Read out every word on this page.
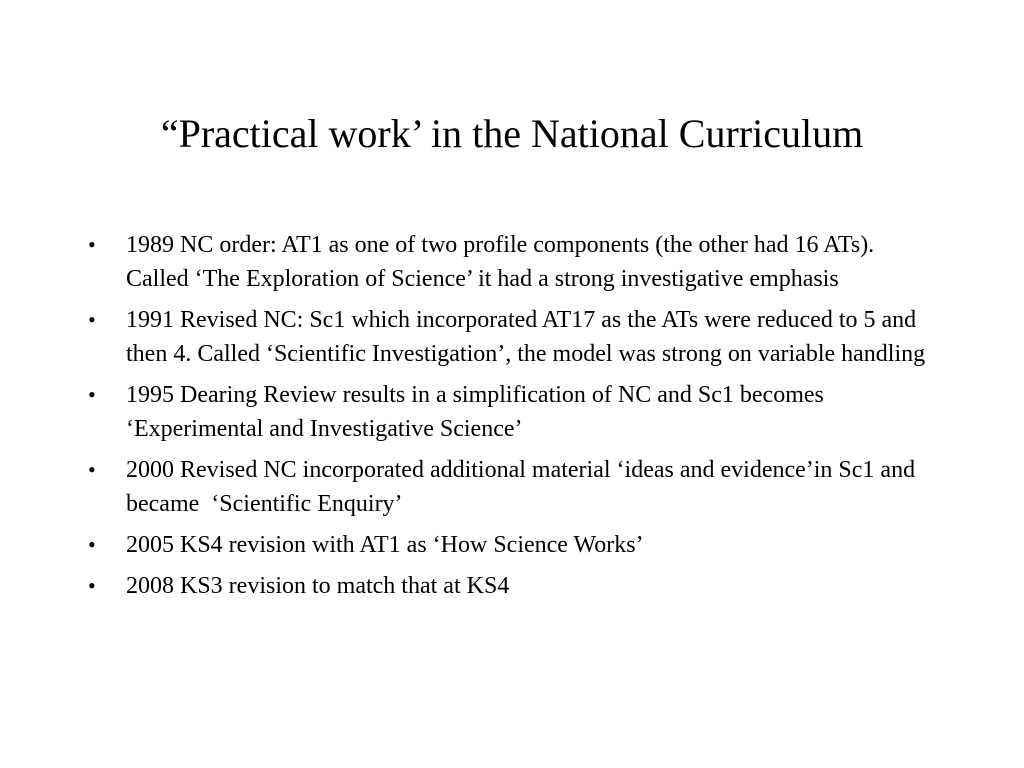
“Practical work’ in the National Curriculum
•	1989 NC order: AT1 as one of two profile components (the other had 16 ATs). Called ‘The Exploration of Science’ it had a strong investigative emphasis
•	1991 Revised NC: Sc1 which incorporated AT17 as the ATs were reduced to 5 and then 4. Called ‘Scientific Investigation’, the model was strong on variable handling
•	1995 Dearing Review results in a simplification of NC and Sc1 becomes ‘Experimental and Investigative Science’
•	2000 Revised NC incorporated additional material ‘ideas and evidence’in Sc1 and became  ‘Scientific Enquiry’
•	2005 KS4 revision with AT1 as ‘How Science Works’
•	2008 KS3 revision to match that at KS4
